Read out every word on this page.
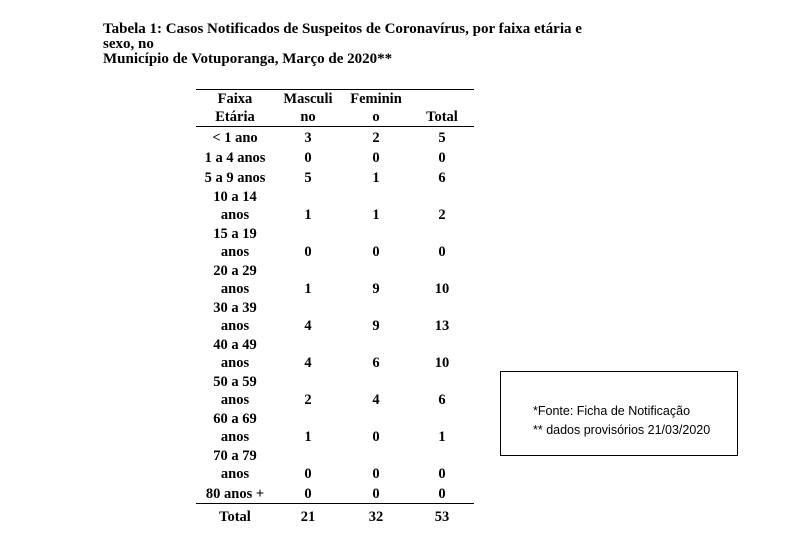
Tabela 1: Casos Notificados de Suspeitos de Coronavírus, por faixa etária e
sexo, no
Município de Votuporanga, Março de 2020**
Faixa	Masculi	Feminin	
Etária	no	o	Total

< 1 ano	3	2	5

1 a 4 anos	0	0	0

5 a 9 anos	5	1	6

10 a 14
anos	1	1	2

15 a 19
anos	0	0	0

20 a 29
anos	1	9	10

30 a 39
anos	4	9	13

40 a 49
anos	4	6	10

50 a 59
anos	2	4	6

60 a 69
anos	1	0	1

70 a 79
anos	0	0	0

80 anos +	0	0	0
Total	21	32	53
*Fonte: Ficha de Notificação
** dados provisórios 21/03/2020
